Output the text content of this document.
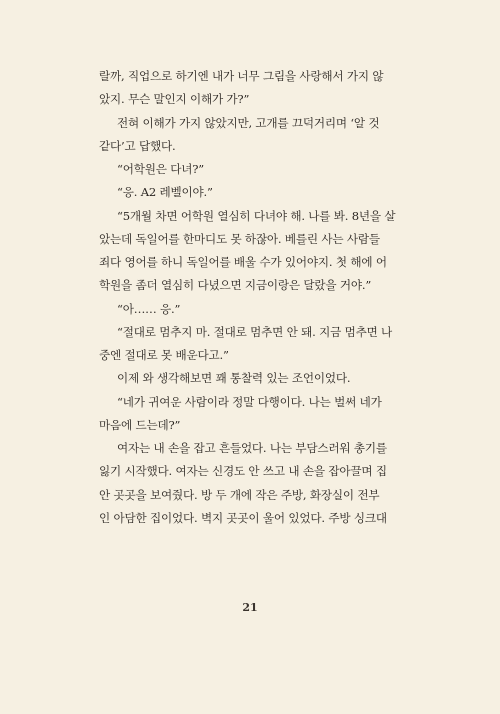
랄까, 직업으로 하기엔 내가 너무 그림을 사랑해서 가지 않
았지. 무슨 말인지 이해가 가?”
전혀 이해가 가지 않았지만, 고개를 끄덕거리며 ‘알 것
같다’고 답했다.
“어학원은 다녀?”
“응. A2 레벨이야.”
“5개월 차면 어학원 열심히 다녀야 해. 나를 봐. 8년을 살
았는데 독일어를 한마디도 못 하잖아. 베를린 사는 사람들
죄다 영어를 하니 독일어를 배울 수가 있어야지. 첫 해에 어
학원을 좀더 열심히 다녔으면 지금이랑은 달랐을 거야.”
“아…… 응.”
“절대로 멈추지 마. 절대로 멈추면 안 돼. 지금 멈추면 나
중엔 절대로 못 배운다고.”
이제 와 생각해보면 꽤 통찰력 있는 조언이었다.
“네가 귀여운 사람이라 정말 다행이다. 나는 벌써 네가
마음에 드는데?”
여자는 내 손을 잡고 흔들었다. 나는 부담스러워 총기를
잃기 시작했다. 여자는 신경도 안 쓰고 내 손을 잡아끌며 집
안 곳곳을 보여줬다. 방 두 개에 작은 주방, 화장실이 전부
인 아담한 집이었다. 벽지 곳곳이 울어 있었다. 주방 싱크대
21
